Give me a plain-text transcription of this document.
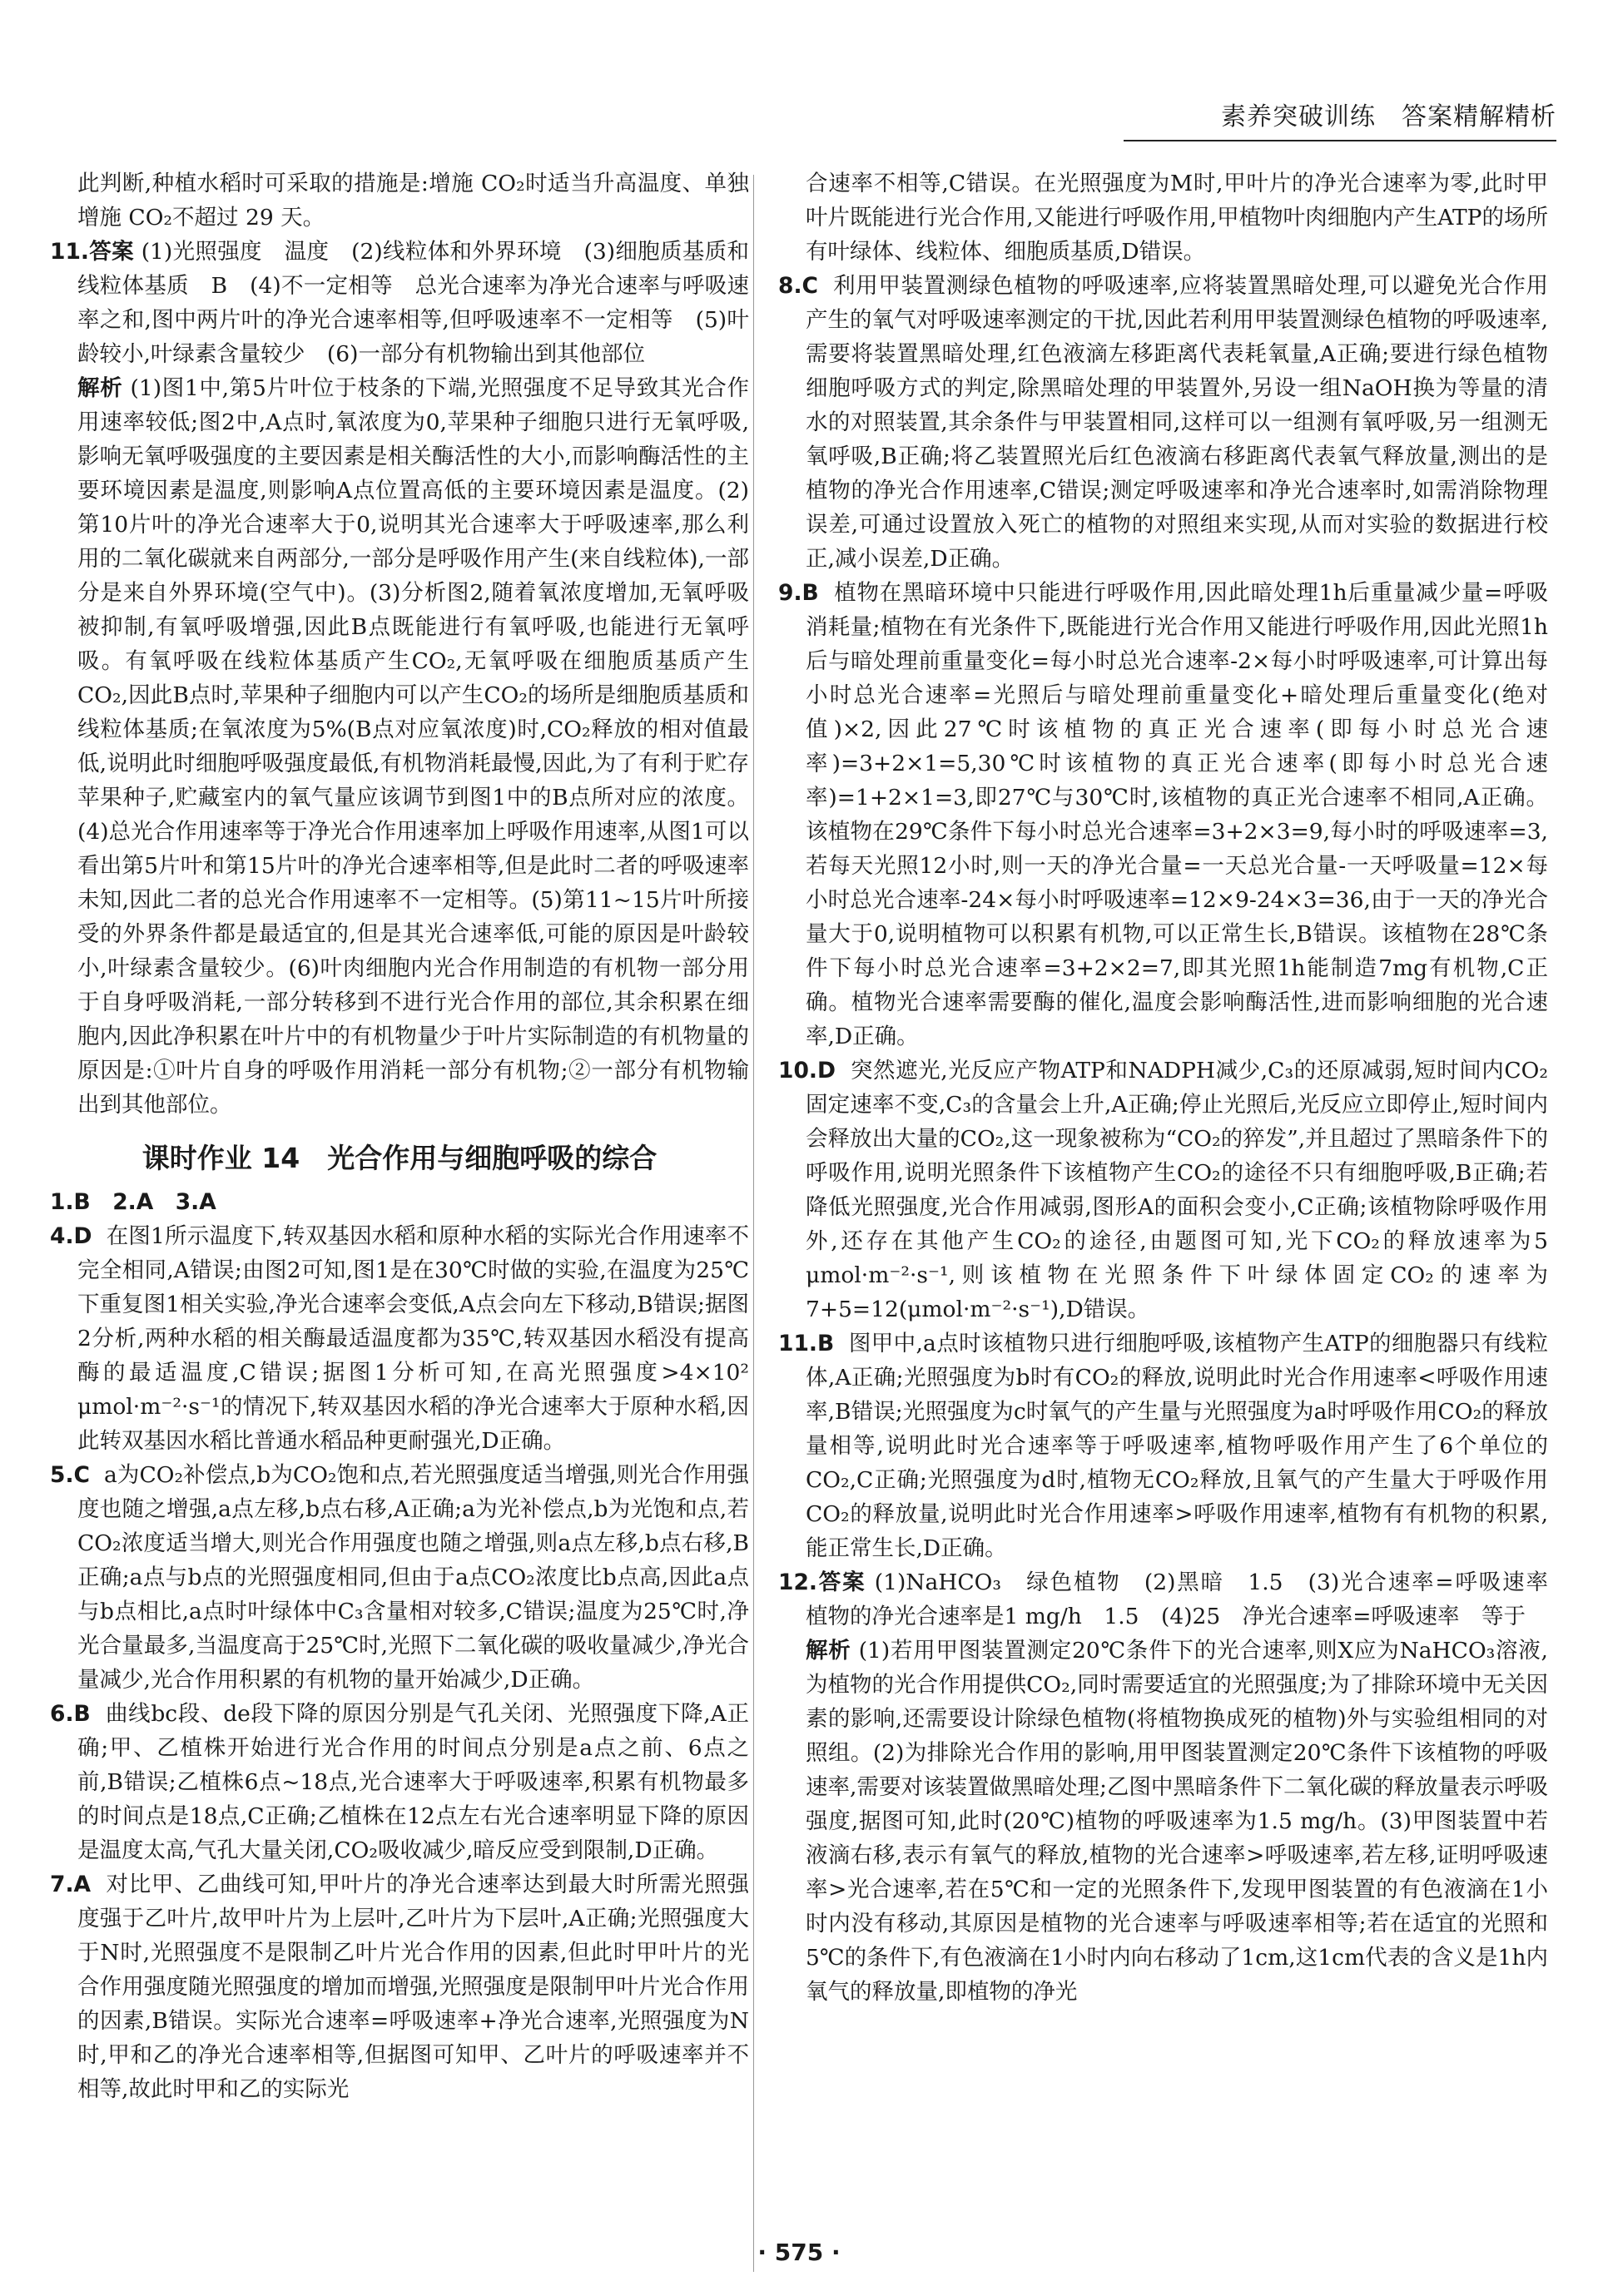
素养突破训练　答案精解精析

此判断,种植水稻时可采取的措施是:增施 CO₂时适当升高温度、单独增施 CO₂不超过 29 天。

11.答案 (1)光照强度　温度　(2)线粒体和外界环境　(3)细胞质基质和线粒体基质　B　(4)不一定相等　总光合速率为净光合速率与呼吸速率之和,图中两片叶的净光合速率相等,但呼吸速率不一定相等　(5)叶龄较小,叶绿素含量较少　(6)一部分有机物输出到其他部位
解析 (1)图1中,第5片叶位于枝条的下端,光照强度不足导致其光合作用速率较低;图2中,A点时,氧浓度为0,苹果种子细胞只进行无氧呼吸,影响无氧呼吸强度的主要因素是相关酶活性的大小,而影响酶活性的主要环境因素是温度,则影响A点位置高低的主要环境因素是温度。(2)第10片叶的净光合速率大于0,说明其光合速率大于呼吸速率,那么利用的二氧化碳就来自两部分,一部分是呼吸作用产生(来自线粒体),一部分是来自外界环境(空气中)。(3)分析图2,随着氧浓度增加,无氧呼吸被抑制,有氧呼吸增强,因此B点既能进行有氧呼吸,也能进行无氧呼吸。有氧呼吸在线粒体基质产生CO₂,无氧呼吸在细胞质基质产生CO₂,因此B点时,苹果种子细胞内可以产生CO₂的场所是细胞质基质和线粒体基质;在氧浓度为5%(B点对应氧浓度)时,CO₂释放的相对值最低,说明此时细胞呼吸强度最低,有机物消耗最慢,因此,为了有利于贮存苹果种子,贮藏室内的氧气量应该调节到图1中的B点所对应的浓度。(4)总光合作用速率等于净光合作用速率加上呼吸作用速率,从图1可以看出第5片叶和第15片叶的净光合速率相等,但是此时二者的呼吸速率未知,因此二者的总光合作用速率不一定相等。(5)第11~15片叶所接受的外界条件都是最适宜的,但是其光合速率低,可能的原因是叶龄较小,叶绿素含量较少。(6)叶肉细胞内光合作用制造的有机物一部分用于自身呼吸消耗,一部分转移到不进行光合作用的部位,其余积累在细胞内,因此净积累在叶片中的有机物量少于叶片实际制造的有机物量的原因是:①叶片自身的呼吸作用消耗一部分有机物;②一部分有机物输出到其他部位。
课时作业 14　光合作用与细胞呼吸的综合

1.B　2.A　3.A

4.D 在图1所示温度下,转双基因水稻和原种水稻的实际光合作用速率不完全相同,A错误;由图2可知,图1是在30℃时做的实验,在温度为25℃下重复图1相关实验,净光合速率会变低,A点会向左下移动,B错误;据图2分析,两种水稻的相关酶最适温度都为35℃,转双基因水稻没有提高酶的最适温度,C错误;据图1分析可知,在高光照强度>4×10² μmol·m⁻²·s⁻¹的情况下,转双基因水稻的净光合速率大于原种水稻,因此转双基因水稻比普通水稻品种更耐强光,D正确。
5.C a为CO₂补偿点,b为CO₂饱和点,若光照强度适当增强,则光合作用强度也随之增强,a点左移,b点右移,A正确;a为光补偿点,b为光饱和点,若CO₂浓度适当增大,则光合作用强度也随之增强,则a点左移,b点右移,B正确;a点与b点的光照强度相同,但由于a点CO₂浓度比b点高,因此a点与b点相比,a点时叶绿体中C₃含量相对较多,C错误;温度为25℃时,净光合量最多,当温度高于25℃时,光照下二氧化碳的吸收量减少,净光合量减少,光合作用积累的有机物的量开始减少,D正确。
6.B 曲线bc段、de段下降的原因分别是气孔关闭、光照强度下降,A正确;甲、乙植株开始进行光合作用的时间点分别是a点之前、6点之前,B错误;乙植株6点~18点,光合速率大于呼吸速率,积累有机物最多的时间点是18点,C正确;乙植株在12点左右光合速率明显下降的原因是温度太高,气孔大量关闭,CO₂吸收减少,暗反应受到限制,D正确。
7.A 对比甲、乙曲线可知,甲叶片的净光合速率达到最大时所需光照强度强于乙叶片,故甲叶片为上层叶,乙叶片为下层叶,A正确;光照强度大于N时,光照强度不是限制乙叶片光合作用的因素,但此时甲叶片的光合作用强度随光照强度的增加而增强,光照强度是限制甲叶片光合作用的因素,B错误。实际光合速率=呼吸速率+净光合速率,光照强度为N时,甲和乙的净光合速率相等,但据图可知甲、乙叶片的呼吸速率并不相等,故此时甲和乙的实际光

合速率不相等,C错误。在光照强度为M时,甲叶片的净光合速率为零,此时甲叶片既能进行光合作用,又能进行呼吸作用,甲植物叶肉细胞内产生ATP的场所有叶绿体、线粒体、细胞质基质,D错误。

8.C 利用甲装置测绿色植物的呼吸速率,应将装置黑暗处理,可以避免光合作用产生的氧气对呼吸速率测定的干扰,因此若利用甲装置测绿色植物的呼吸速率,需要将装置黑暗处理,红色液滴左移距离代表耗氧量,A正确;要进行绿色植物细胞呼吸方式的判定,除黑暗处理的甲装置外,另设一组NaOH换为等量的清水的对照装置,其余条件与甲装置相同,这样可以一组测有氧呼吸,另一组测无氧呼吸,B正确;将乙装置照光后红色液滴右移距离代表氧气释放量,测出的是植物的净光合作用速率,C错误;测定呼吸速率和净光合速率时,如需消除物理误差,可通过设置放入死亡的植物的对照组来实现,从而对实验的数据进行校正,减小误差,D正确。
9.B 植物在黑暗环境中只能进行呼吸作用,因此暗处理1h后重量减少量=呼吸消耗量;植物在有光条件下,既能进行光合作用又能进行呼吸作用,因此光照1h后与暗处理前重量变化=每小时总光合速率-2×每小时呼吸速率,可计算出每小时总光合速率=光照后与暗处理前重量变化+暗处理后重量变化(绝对值)×2,因此27℃时该植物的真正光合速率(即每小时总光合速率)=3+2×1=5,30℃时该植物的真正光合速率(即每小时总光合速率)=1+2×1=3,即27℃与30℃时,该植物的真正光合速率不相同,A正确。该植物在29℃条件下每小时总光合速率=3+2×3=9,每小时的呼吸速率=3,若每天光照12小时,则一天的净光合量=一天总光合量-一天呼吸量=12×每小时总光合速率-24×每小时呼吸速率=12×9-24×3=36,由于一天的净光合量大于0,说明植物可以积累有机物,可以正常生长,B错误。该植物在28℃条件下每小时总光合速率=3+2×2=7,即其光照1h能制造7mg有机物,C正确。植物光合速率需要酶的催化,温度会影响酶活性,进而影响细胞的光合速率,D正确。
10.D 突然遮光,光反应产物ATP和NADPH减少,C₃的还原减弱,短时间内CO₂固定速率不变,C₃的含量会上升,A正确;停止光照后,光反应立即停止,短时间内会释放出大量的CO₂,这一现象被称为“CO₂的猝发”,并且超过了黑暗条件下的呼吸作用,说明光照条件下该植物产生CO₂的途径不只有细胞呼吸,B正确;若降低光照强度,光合作用减弱,图形A的面积会变小,C正确;该植物除呼吸作用外,还存在其他产生CO₂的途径,由题图可知,光下CO₂的释放速率为5 μmol·m⁻²·s⁻¹,则该植物在光照条件下叶绿体固定CO₂的速率为7+5=12(μmol·m⁻²·s⁻¹),D错误。
11.B 图甲中,a点时该植物只进行细胞呼吸,该植物产生ATP的细胞器只有线粒体,A正确;光照强度为b时有CO₂的释放,说明此时光合作用速率<呼吸作用速率,B错误;光照强度为c时氧气的产生量与光照强度为a时呼吸作用CO₂的释放量相等,说明此时光合速率等于呼吸速率,植物呼吸作用产生了6个单位的CO₂,C正确;光照强度为d时,植物无CO₂释放,且氧气的产生量大于呼吸作用CO₂的释放量,说明此时光合作用速率>呼吸作用速率,植物有有机物的积累,能正常生长,D正确。
12.答案 (1)NaHCO₃　绿色植物　(2)黑暗　1.5　(3)光合速率=呼吸速率　植物的净光合速率是1 mg/h　1.5　(4)25　净光合速率=呼吸速率　等于
解析 (1)若用甲图装置测定20℃条件下的光合速率,则X应为NaHCO₃溶液,为植物的光合作用提供CO₂,同时需要适宜的光照强度;为了排除环境中无关因素的影响,还需要设计除绿色植物(将植物换成死的植物)外与实验组相同的对照组。(2)为排除光合作用的影响,用甲图装置测定20℃条件下该植物的呼吸速率,需要对该装置做黑暗处理;乙图中黑暗条件下二氧化碳的释放量表示呼吸强度,据图可知,此时(20℃)植物的呼吸速率为1.5 mg/h。(3)甲图装置中若液滴右移,表示有氧气的释放,植物的光合速率>呼吸速率,若左移,证明呼吸速率>光合速率,若在5℃和一定的光照条件下,发现甲图装置的有色液滴在1小时内没有移动,其原因是植物的光合速率与呼吸速率相等;若在适宜的光照和5℃的条件下,有色液滴在1小时内向右移动了1cm,这1cm代表的含义是1h内氧气的释放量,即植物的净光
· 575 ·
